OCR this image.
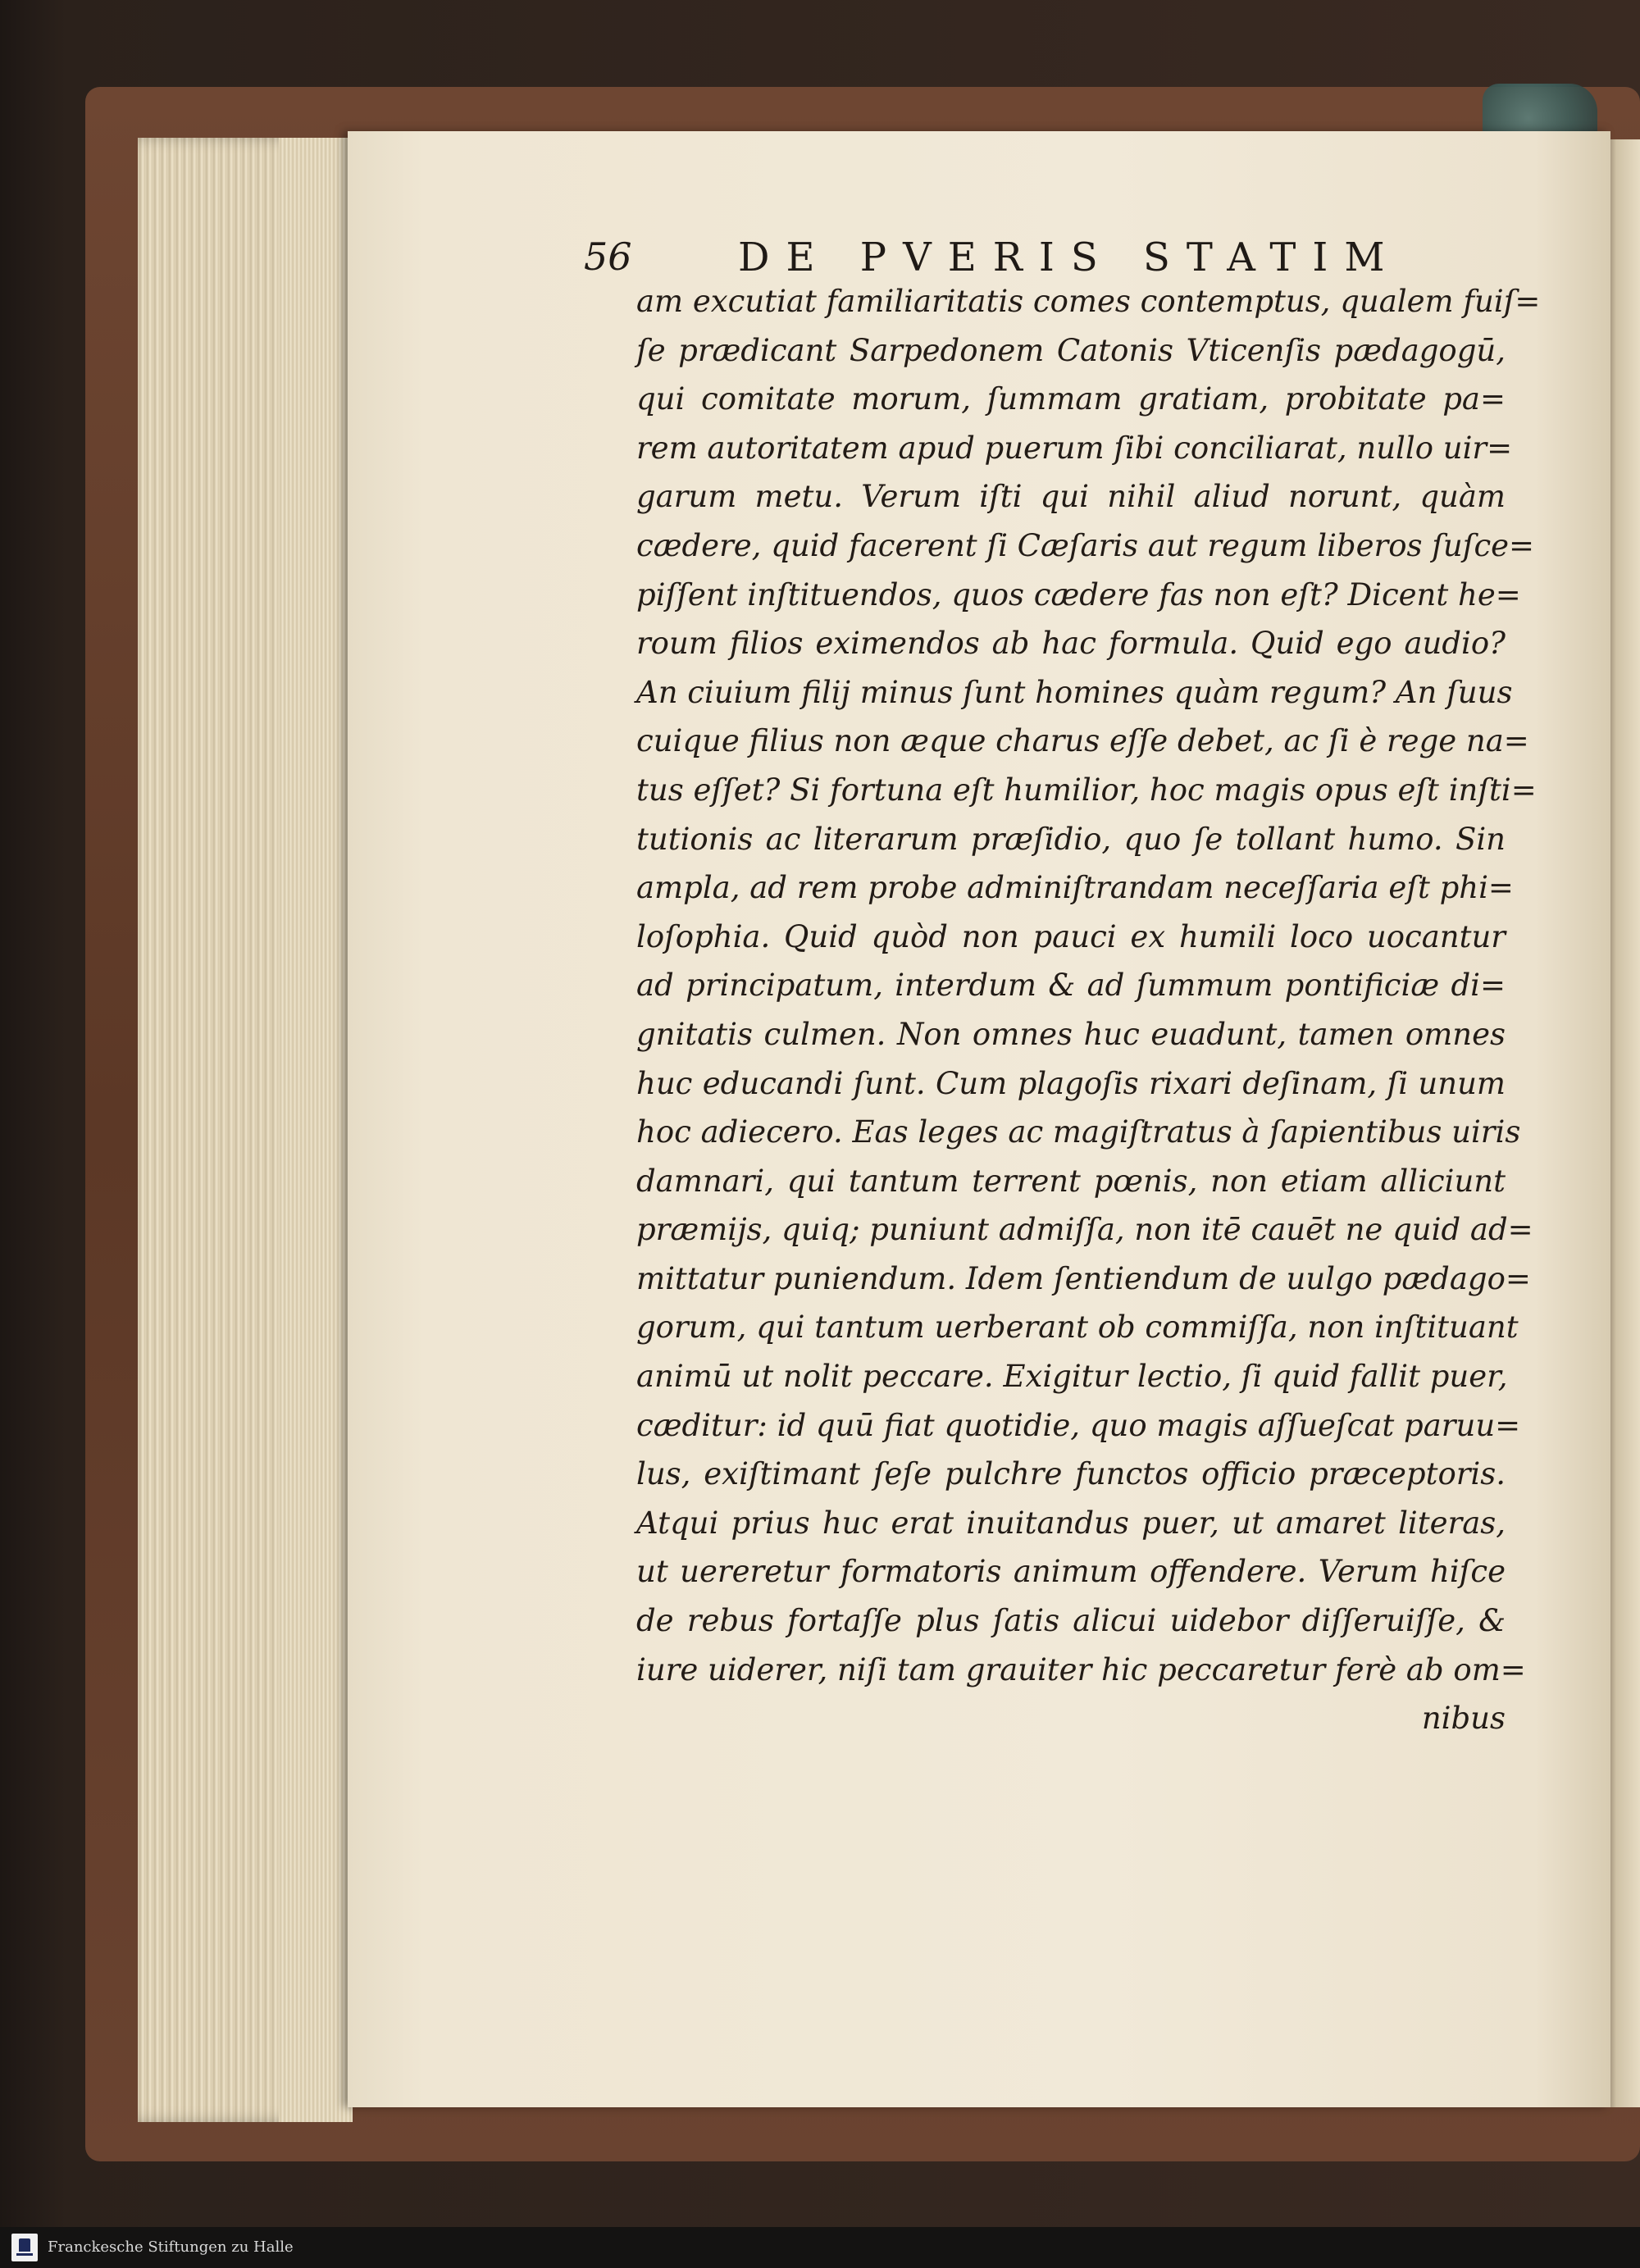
56	DE PVERIS STATIM
am excutiat familiaritatis comes contemptus, qualem fuiſ=
ſe prædicant Sarpedonem Catonis Vticenſis pædagogū,
qui comitate morum, ſummam gratiam, probitate pa=
rem autoritatem apud puerum ſibi conciliarat, nullo uir=
garum metu. Verum iſti qui nihil aliud norunt, quàm
cædere, quid facerent ſi Cæſaris aut regum liberos ſuſce=
piſſent inſtituendos, quos cædere fas non eſt? Dicent he=
roum filios eximendos ab hac formula. Quid ego audio?
An ciuium filij minus ſunt homines quàm regum? An ſuus
cuique filius non æque charus eſſe debet, ac ſi è rege na=
tus eſſet? Si fortuna eſt humilior, hoc magis opus eſt inſti=
tutionis ac literarum præſidio, quo ſe tollant humo. Sin
ampla, ad rem probe adminiſtrandam neceſſaria eſt phi=
loſophia. Quid quòd non pauci ex humili loco uocantur
ad principatum, interdum & ad ſummum pontificiæ di=
gnitatis culmen. Non omnes huc euadunt, tamen omnes
huc educandi ſunt. Cum plagoſis rixari deſinam, ſi unum
hoc adiecero. Eas leges ac magiſtratus à ſapientibus uiris
damnari, qui tantum terrent pœnis, non etiam alliciunt
præmijs, quiq; puniunt admiſſa, non itē cauēt ne quid ad=
mittatur puniendum. Idem ſentiendum de uulgo pædago=
gorum, qui tantum uerberant ob commiſſa, non inſtituant
animū ut nolit peccare. Exigitur lectio, ſi quid fallit puer,
cæditur: id quū fiat quotidie, quo magis aſſueſcat paruu=
lus, exiſtimant ſeſe pulchre functos officio præceptoris.
Atqui prius huc erat inuitandus puer, ut amaret literas,
ut uereretur formatoris animum offendere. Verum hiſce
de rebus fortaſſe plus ſatis alicui uidebor diſſeruiſſe, &
iure uiderer, niſi tam grauiter hic peccaretur ferè ab om=
nibus
Franckesche Stiftungen zu Halle
